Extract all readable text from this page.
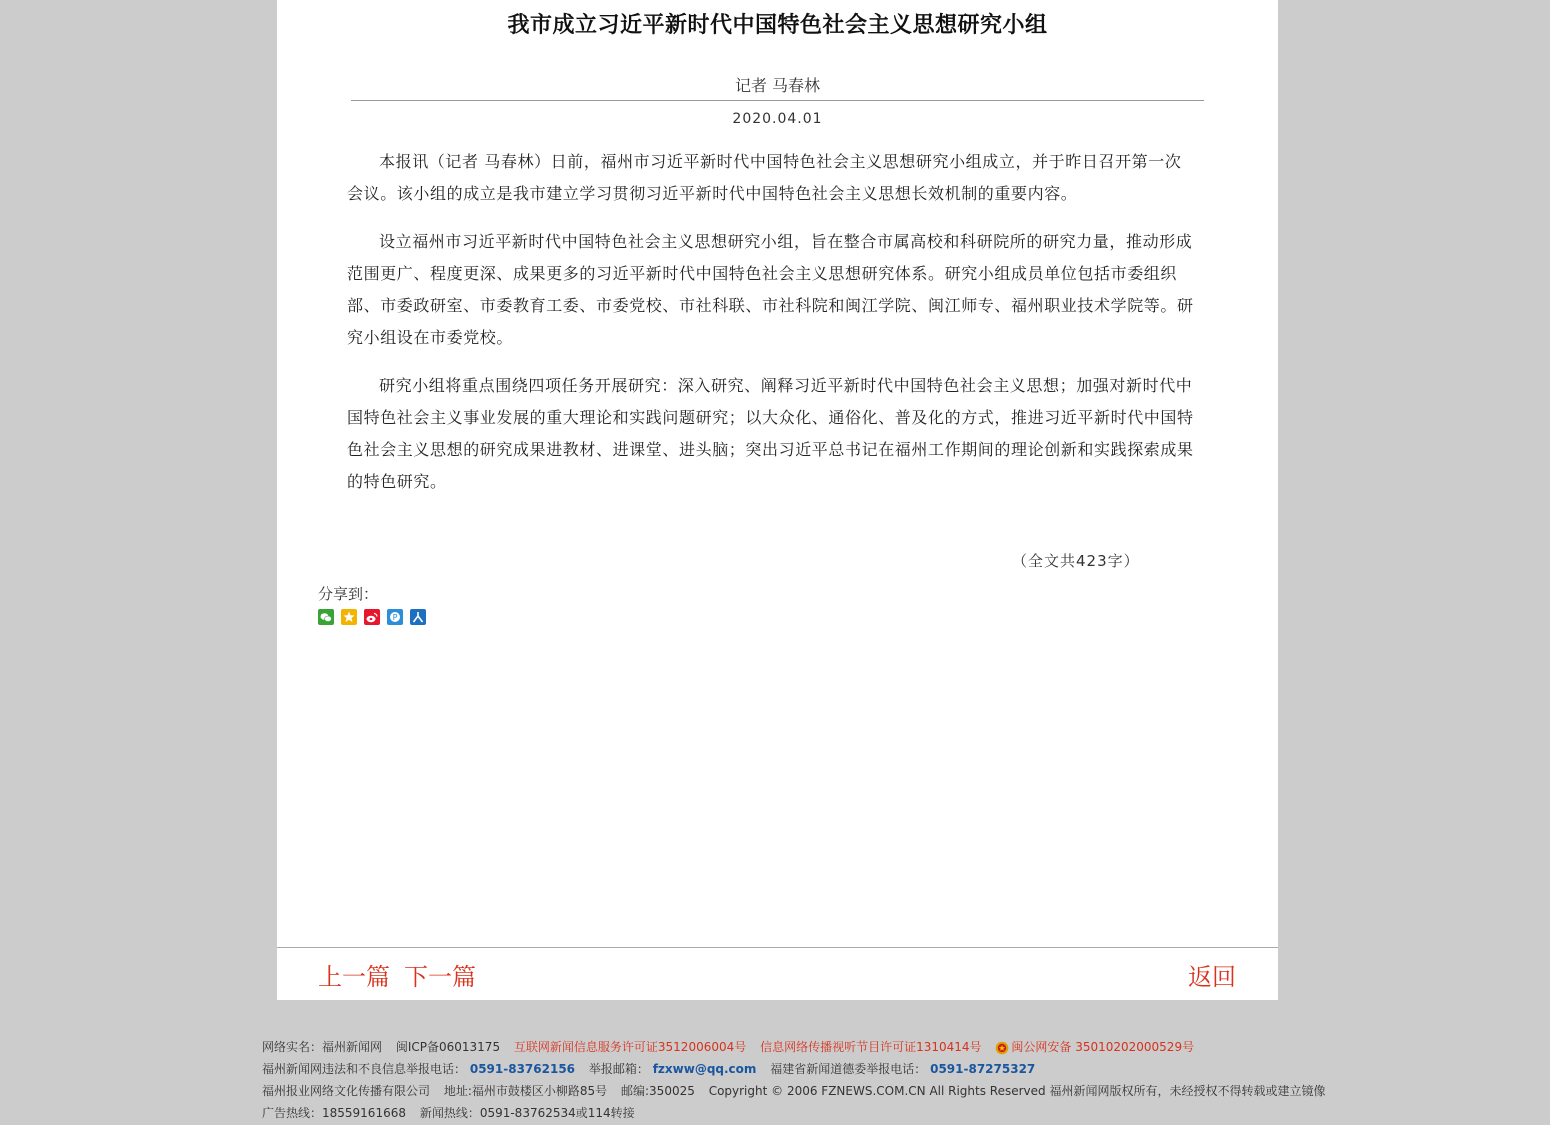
我市成立习近平新时代中国特色社会主义思想研究小组
记者 马春林
2020.04.01

本报讯（记者 马春林）日前，福州市习近平新时代中国特色社会主义思想研究小组成立，并于昨日召开第一次会议。该小组的成立是我市建立学习贯彻习近平新时代中国特色社会主义思想长效机制的重要内容。

设立福州市习近平新时代中国特色社会主义思想研究小组，旨在整合市属高校和科研院所的研究力量，推动形成范围更广、程度更深、成果更多的习近平新时代中国特色社会主义思想研究体系。研究小组成员单位包括市委组织部、市委政研室、市委教育工委、市委党校、市社科联、市社科院和闽江学院、闽江师专、福州职业技术学院等。研究小组设在市委党校。

研究小组将重点围绕四项任务开展研究：深入研究、阐释习近平新时代中国特色社会主义思想；加强对新时代中国特色社会主义事业发展的重大理论和实践问题研究；以大众化、通俗化、普及化的方式，推进习近平新时代中国特色社会主义思想的研究成果进教材、进课堂、进头脑；突出习近平总书记在福州工作期间的理论创新和实践探索成果的特色研究。

（全文共423字）
分享到：
P
上一篇 下一篇	返回
网络实名：福州新闻网 闽ICP备06013175 互联网新闻信息服务许可证3512006004号 信息网络传播视听节目许可证1310414号 闽公网安备 35010202000529号
福州新闻网违法和不良信息举报电话： 0591-83762156 举报邮箱： fzxww@qq.com 福建省新闻道德委举报电话： 0591-87275327
福州报业网络文化传播有限公司 地址:福州市鼓楼区小柳路85号 邮编:350025 Copyright © 2006 FZNEWS.COM.CN All Rights Reserved 福州新闻网版权所有，未经授权不得转载或建立镜像
广告热线：18559161668 新闻热线：0591-83762534或114转接
